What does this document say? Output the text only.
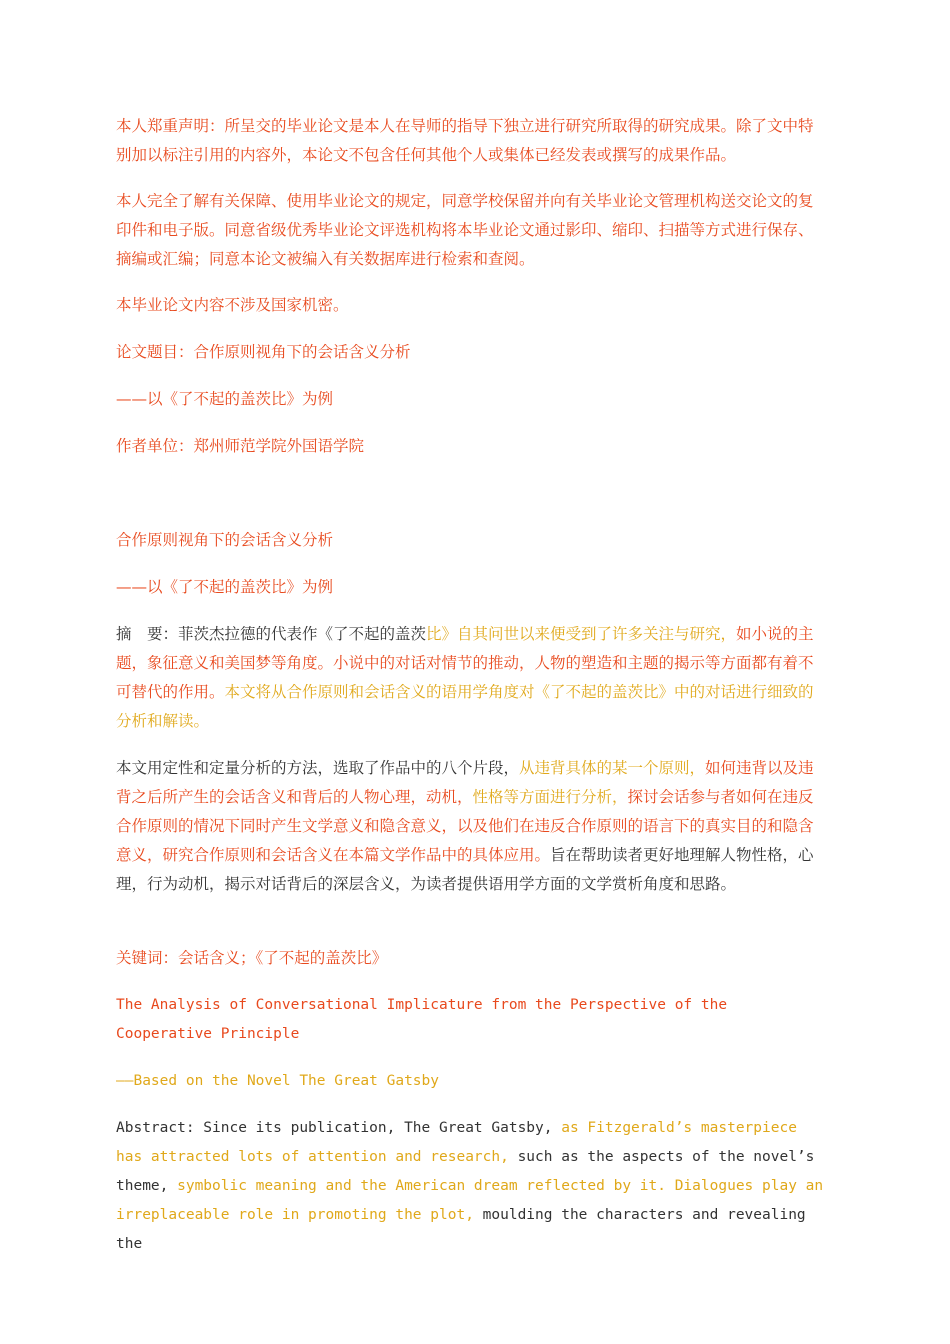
本人郑重声明：所呈交的毕业论文是本人在导师的指导下独立进行研究所取得的研究成果。除了文中特别加以标注引用的内容外，本论文不包含任何其他个人或集体已经发表或撰写的成果作品。

本人完全了解有关保障、使用毕业论文的规定，同意学校保留并向有关毕业论文管理机构送交论文的复印件和电子版。同意省级优秀毕业论文评选机构将本毕业论文通过影印、缩印、扫描等方式进行保存、摘编或汇编；同意本论文被编入有关数据库进行检索和查阅。

本毕业论文内容不涉及国家机密。

论文题目：合作原则视角下的会话含义分析

——以《了不起的盖茨比》为例

作者单位：郑州师范学院外国语学院

合作原则视角下的会话含义分析

——以《了不起的盖茨比》为例

摘　要：菲茨杰拉德的代表作《了不起的盖茨比》自其问世以来便受到了许多关注与研究，如小说的主题，象征意义和美国梦等角度。小说中的对话对情节的推动，人物的塑造和主题的揭示等方面都有着不可替代的作用。本文将从合作原则和会话含义的语用学角度对《了不起的盖茨比》中的对话进行细致的分析和解读。

本文用定性和定量分析的方法，选取了作品中的八个片段，从违背具体的某一个原则，如何违背以及违背之后所产生的会话含义和背后的人物心理，动机，性格等方面进行分析，探讨会话参与者如何在违反合作原则的情况下同时产生文学意义和隐含意义，以及他们在违反合作原则的语言下的真实目的和隐含意义，研究合作原则和会话含义在本篇文学作品中的具体应用。旨在帮助读者更好地理解人物性格，心理，行为动机，揭示对话背后的深层含义，为读者提供语用学方面的文学赏析角度和思路。

关键词：会话含义；《了不起的盖茨比》

The Analysis of Conversational Implicature from the Perspective of the Cooperative Principle

——Based on the Novel The Great Gatsby

Abstract: Since its publication, The Great Gatsby, as Fitzgerald’s masterpiece has attracted lots of attention and research, such as the aspects of the novel’s theme, symbolic meaning and the American dream reflected by it. Dialogues play an irreplaceable role in promoting the plot, moulding the characters and revealing the
